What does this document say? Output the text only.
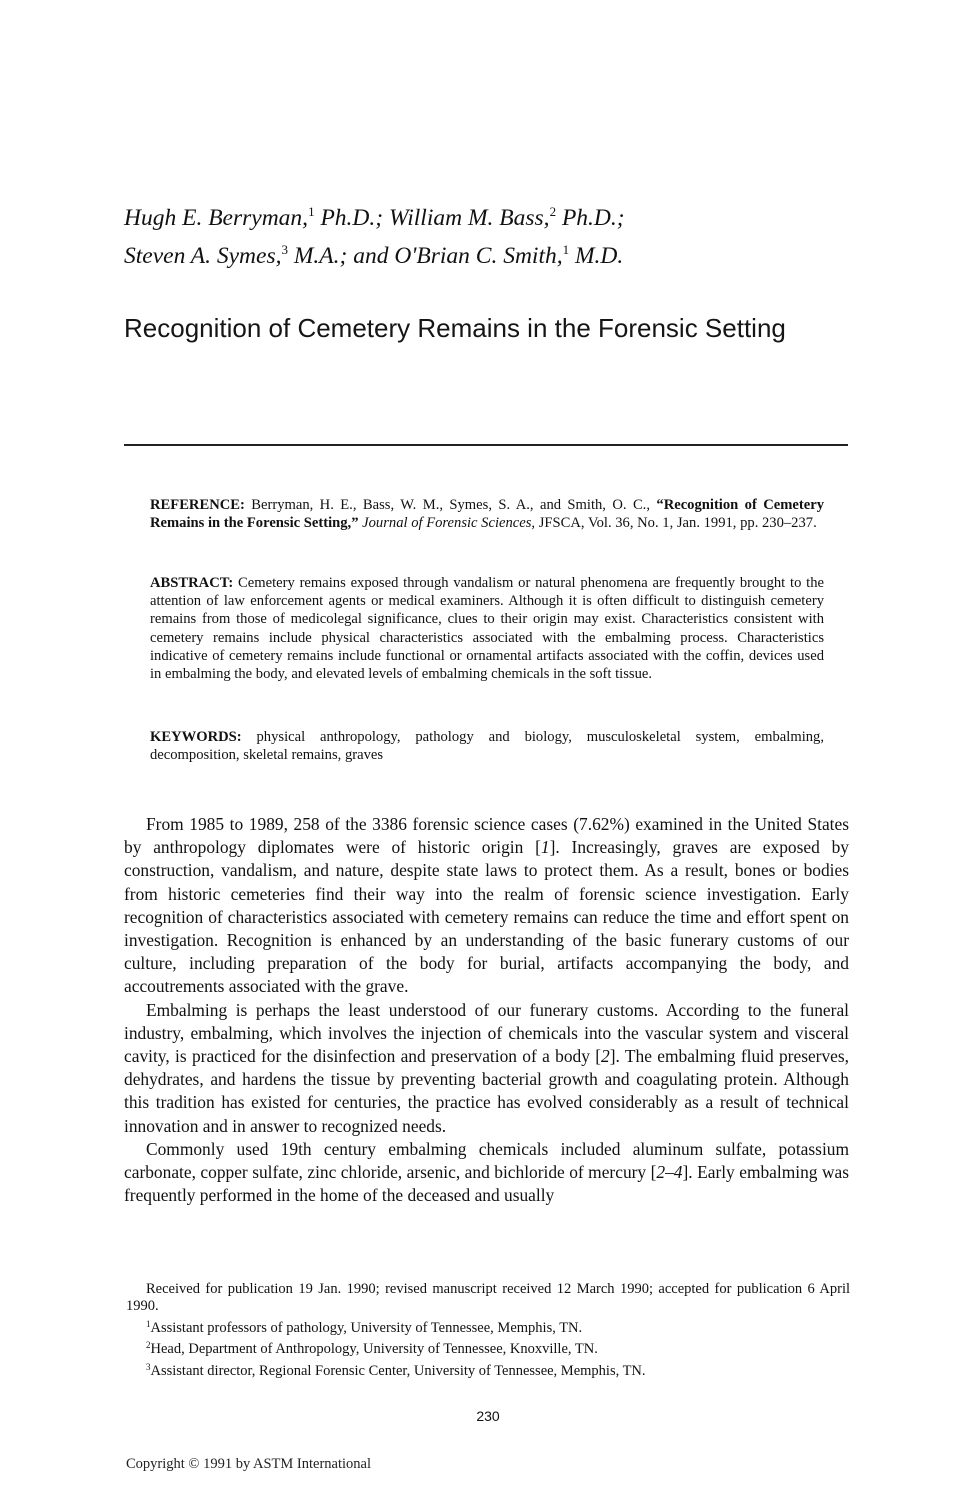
Hugh E. Berryman,$^1$ Ph.D.; William M. Bass,$^2$ Ph.D.;
Steven A. Symes,$^3$ M.A.; and O'Brian C. Smith,$^1$ M.D.
Recognition of Cemetery Remains in the Forensic Setting
REFERENCE: Berryman, H. E., Bass, W. M., Symes, S. A., and Smith, O. C., “Recognition of Cemetery Remains in the Forensic Setting,” Journal of Forensic Sciences, JFSCA, Vol. 36, No. 1, Jan. 1991, pp. 230–237.
ABSTRACT: Cemetery remains exposed through vandalism or natural phenomena are frequently brought to the attention of law enforcement agents or medical examiners. Although it is often difficult to distinguish cemetery remains from those of medicolegal significance, clues to their origin may exist. Characteristics consistent with cemetery remains include physical characteristics associated with the embalming process. Characteristics indicative of cemetery remains include functional or ornamental artifacts associated with the coffin, devices used in embalming the body, and elevated levels of embalming chemicals in the soft tissue.
KEYWORDS: physical anthropology, pathology and biology, musculoskeletal system, embalming, decomposition, skeletal remains, graves

From 1985 to 1989, 258 of the 3386 forensic science cases (7.62%) examined in the United States by anthropology diplomates were of historic origin [1]. Increasingly, graves are exposed by construction, vandalism, and nature, despite state laws to protect them. As a result, bones or bodies from historic cemeteries find their way into the realm of forensic science investigation. Early recognition of characteristics associated with cemetery remains can reduce the time and effort spent on investigation. Recognition is enhanced by an understanding of the basic funerary customs of our culture, including preparation of the body for burial, artifacts accompanying the body, and accoutrements associated with the grave.

Embalming is perhaps the least understood of our funerary customs. According to the funeral industry, embalming, which involves the injection of chemicals into the vascular system and visceral cavity, is practiced for the disinfection and preservation of a body [2]. The embalming fluid preserves, dehydrates, and hardens the tissue by preventing bacterial growth and coagulating protein. Although this tradition has existed for centuries, the practice has evolved considerably as a result of technical innovation and in answer to recognized needs.

Commonly used 19th century embalming chemicals included aluminum sulfate, potassium carbonate, copper sulfate, zinc chloride, arsenic, and bichloride of mercury [2–4]. Early embalming was frequently performed in the home of the deceased and usually

Received for publication 19 Jan. 1990; revised manuscript received 12 March 1990; accepted for publication 6 April 1990.

$^1$Assistant professors of pathology, University of Tennessee, Memphis, TN.

$^2$Head, Department of Anthropology, University of Tennessee, Knoxville, TN.

$^3$Assistant director, Regional Forensic Center, University of Tennessee, Memphis, TN.

230
Copyright © 1991 by ASTM International
